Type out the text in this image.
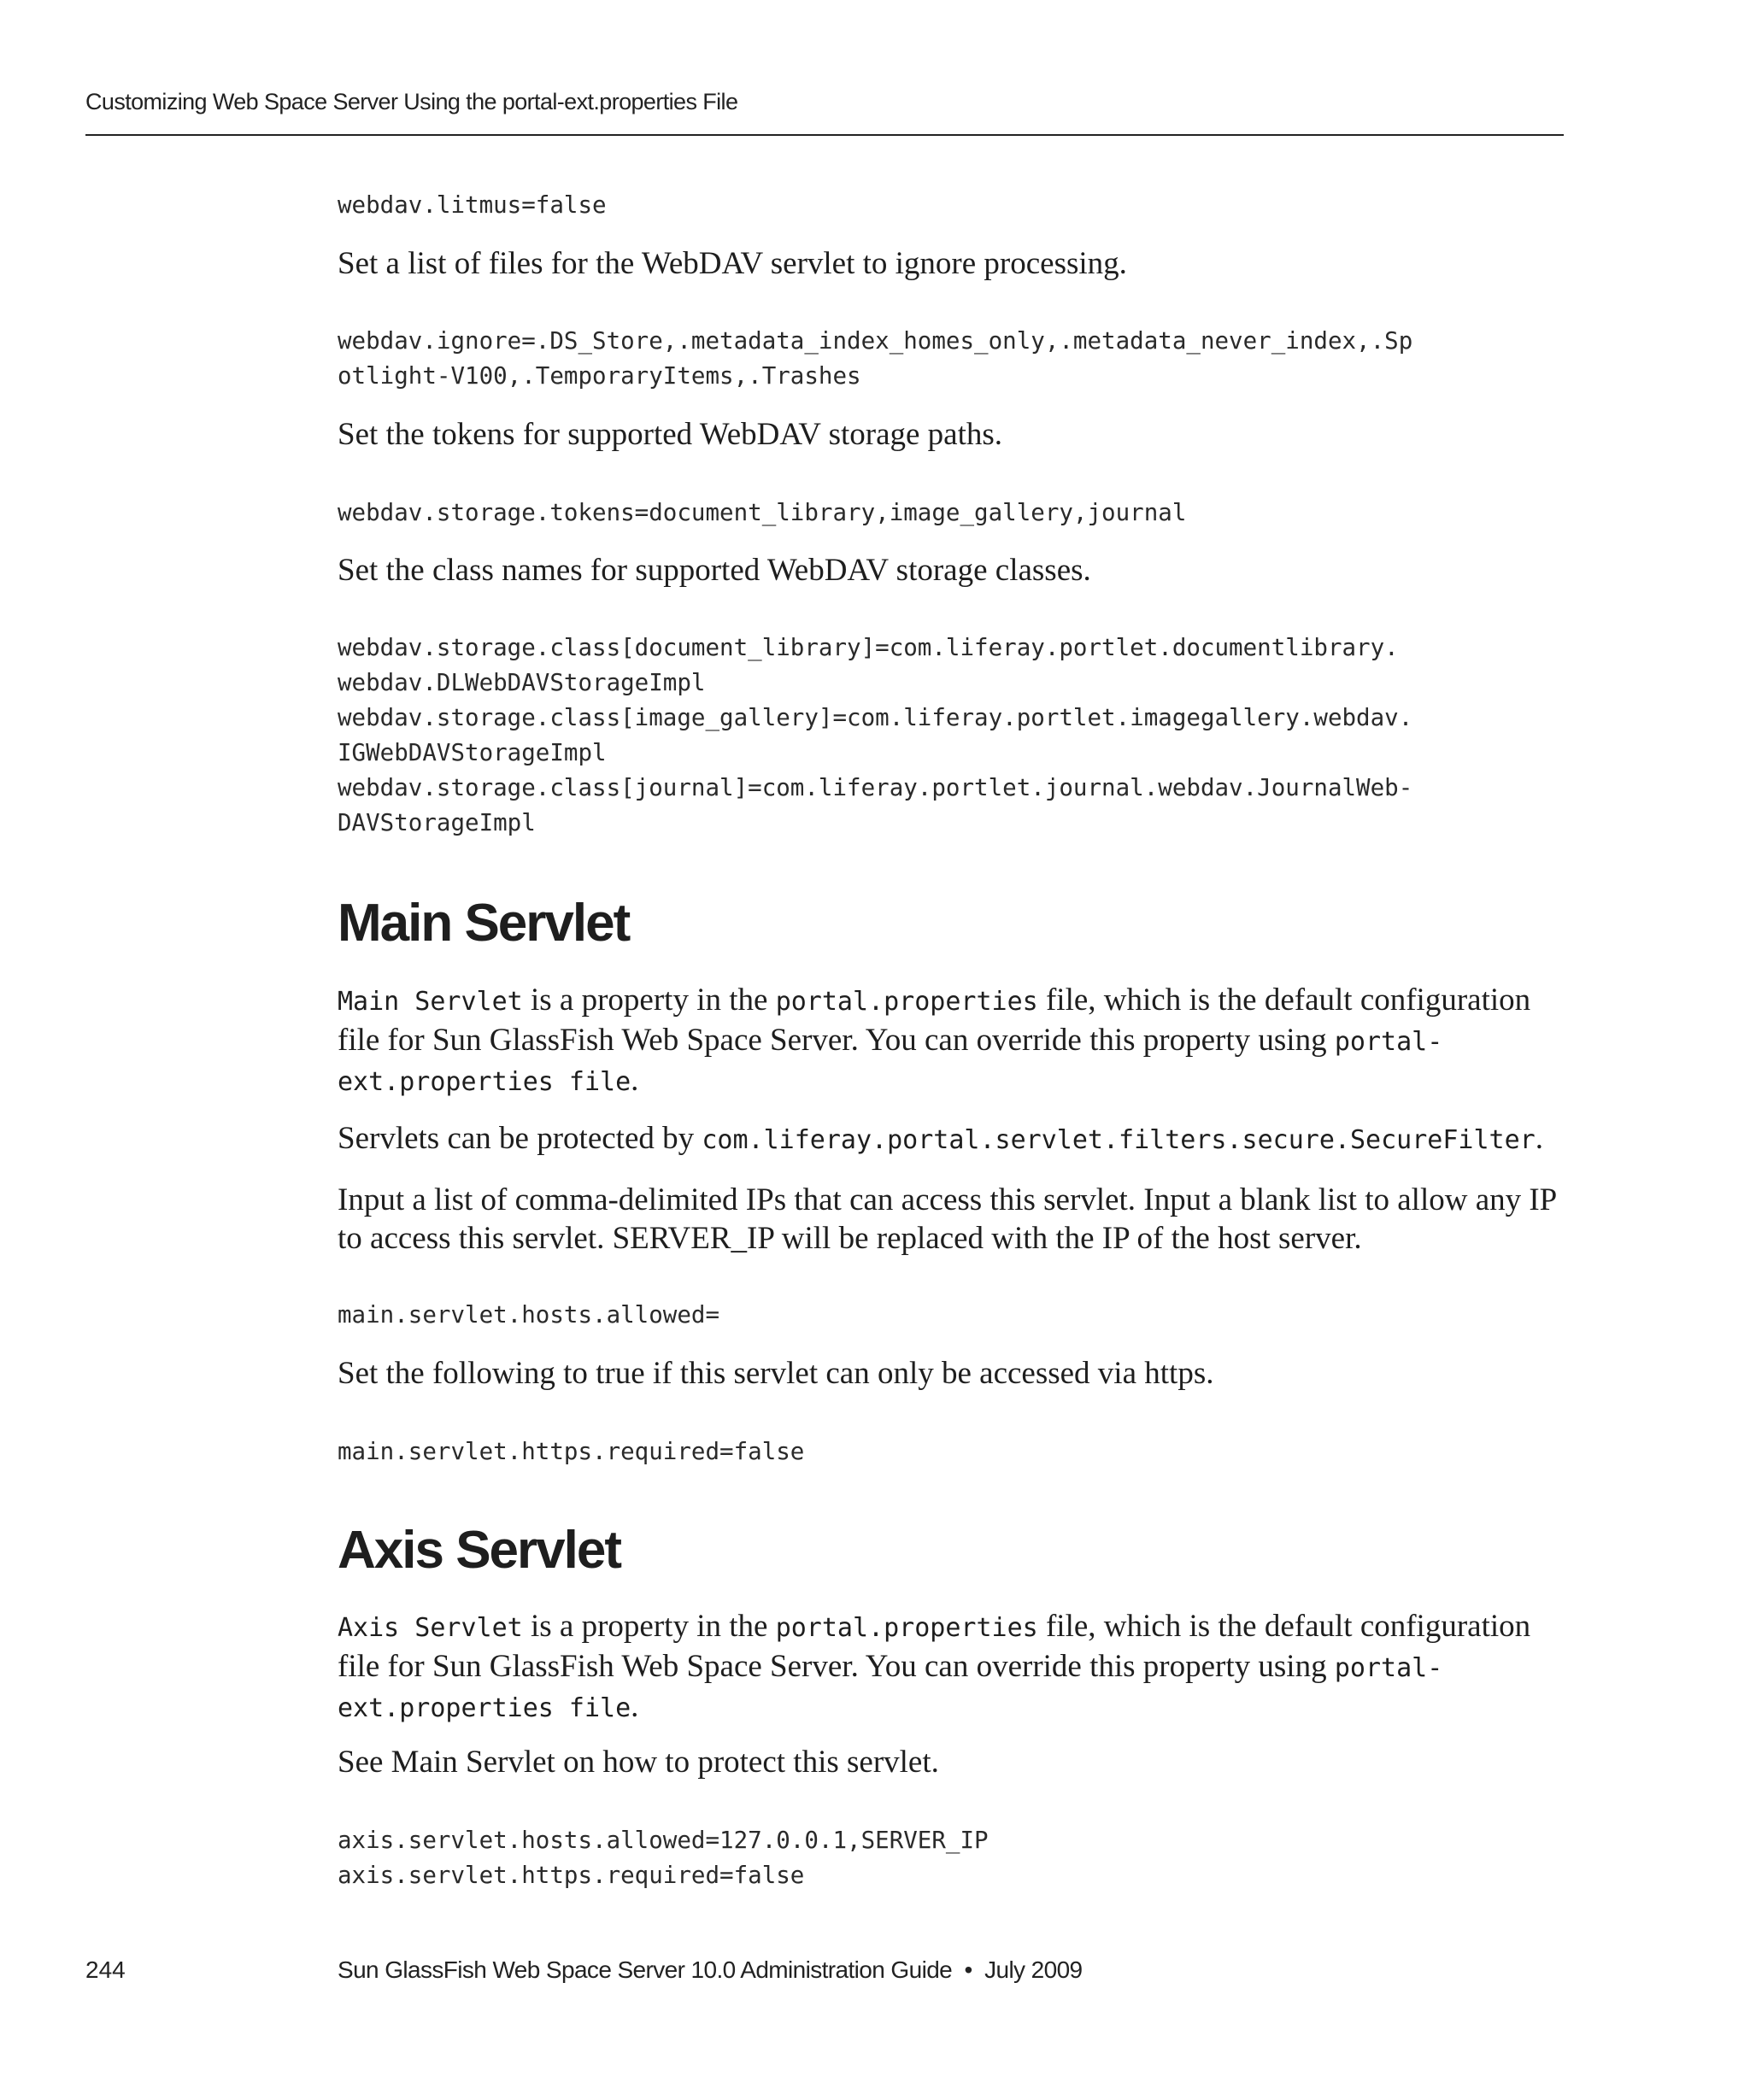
Customizing Web Space Server Using the portal-ext.properties File
webdav.litmus=false

Set a list of files for the WebDAV servlet to ignore processing.

webdav.ignore=.DS_Store,.metadata_index_homes_only,.metadata_never_index,.Sp
otlight-V100,.TemporaryItems,.Trashes

Set the tokens for supported WebDAV storage paths.

webdav.storage.tokens=document_library,image_gallery,journal

Set the class names for supported WebDAV storage classes.

webdav.storage.class[document_library]=com.liferay.portlet.documentlibrary.
webdav.DLWebDAVStorageImpl
webdav.storage.class[image_gallery]=com.liferay.portlet.imagegallery.webdav.
IGWebDAVStorageImpl
webdav.storage.class[journal]=com.liferay.portlet.journal.webdav.JournalWeb-
DAVStorageImpl
Main Servlet

Main Servlet is a property in the portal.properties file, which is the default configuration file for Sun GlassFish Web Space Server. You can override this property using portal-ext.properties file.

Servlets can be protected by com.liferay.portal.servlet.filters.secure.SecureFilter.

Input a list of comma-delimited IPs that can access this servlet. Input a blank list to allow any IP to access this servlet. SERVER_IP will be replaced with the IP of the host server.

main.servlet.hosts.allowed=

Set the following to true if this servlet can only be accessed via https.

main.servlet.https.required=false
Axis Servlet

Axis Servlet is a property in the portal.properties file, which is the default configuration file for Sun GlassFish Web Space Server. You can override this property using portal-ext.properties file.

See Main Servlet on how to protect this servlet.

axis.servlet.hosts.allowed=127.0.0.1,SERVER_IP
axis.servlet.https.required=false
244	Sun GlassFish Web Space Server 10.0 Administration Guide  •  July 2009
